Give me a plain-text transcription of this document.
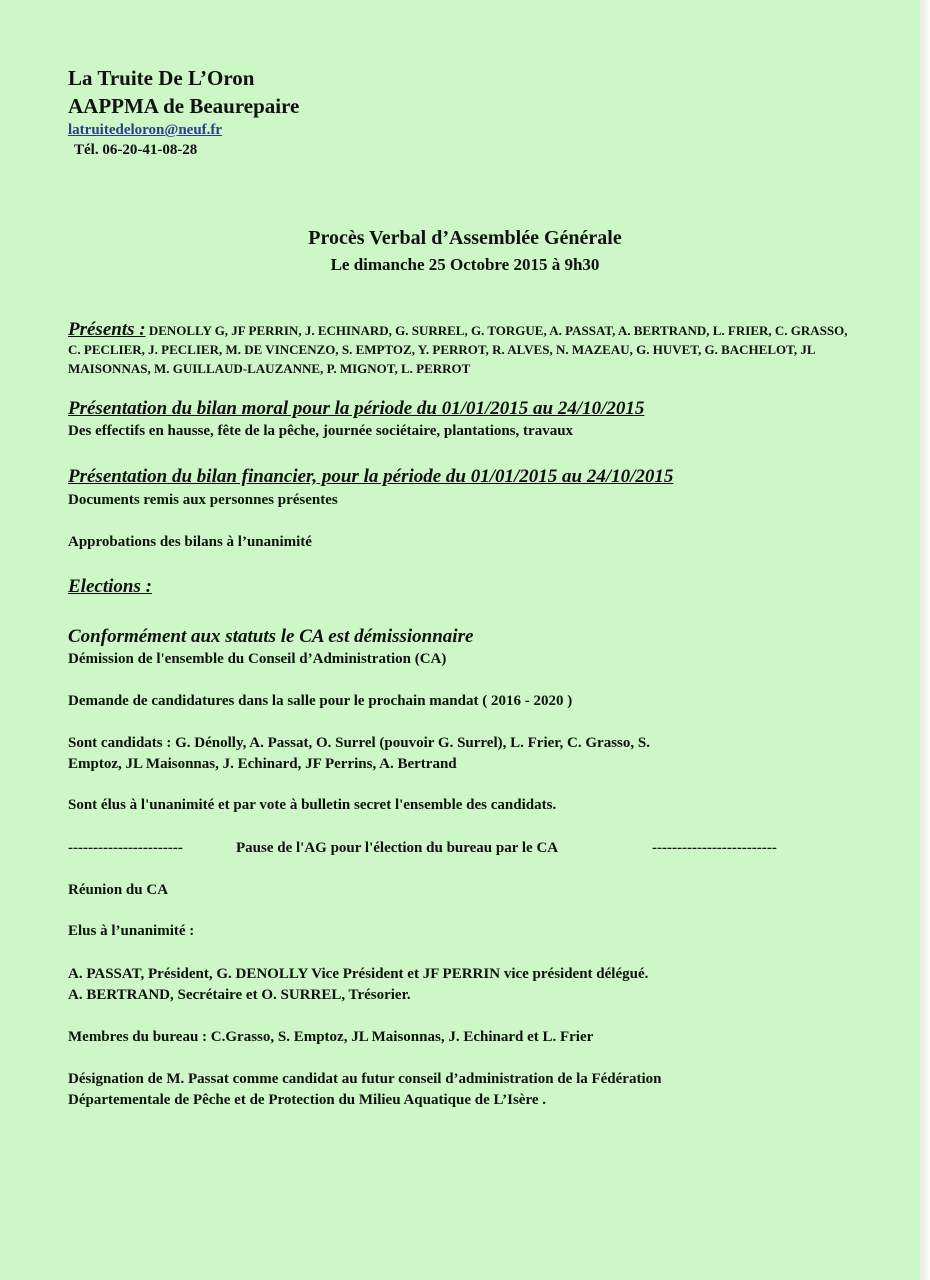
La Truite De L’Oron
AAPPMA de Beaurepaire
latruitedeloron@neuf.fr
Tél. 06-20-41-08-28
Procès Verbal d’Assemblée Générale
Le dimanche 25 Octobre 2015 à 9h30
Présents : DENOLLY G, JF PERRIN, J. ECHINARD, G. SURREL, G. TORGUE, A. PASSAT, A. BERTRAND, L. FRIER, C. GRASSO, C. PECLIER, J. PECLIER, M. DE VINCENZO, S. EMPTOZ, Y. PERROT, R. ALVES, N. MAZEAU, G. HUVET, G. BACHELOT, JL MAISONNAS, M. GUILLAUD-LAUZANNE, P. MIGNOT, L. PERROT
Présentation du bilan moral pour la période du 01/01/2015 au 24/10/2015
Des effectifs en hausse, fête de la pêche, journée sociétaire, plantations, travaux
Présentation du bilan financier, pour la période du 01/01/2015 au 24/10/2015
Documents remis aux personnes présentes
Approbations des bilans à l’unanimité
Elections :
Conformément aux statuts le CA est démissionnaire
Démission de l'ensemble du Conseil d’Administration (CA)
Demande de candidatures dans la salle pour le prochain mandat ( 2016 - 2020 )
Sont candidats : G. Dénolly, A. Passat, O. Surrel (pouvoir G. Surrel), L. Frier, C. Grasso, S.
Emptoz, JL Maisonnas, J. Echinard, JF Perrins, A. Bertrand
Sont élus à l'unanimité et par vote à bulletin secret l'ensemble des candidats.
-----------------------	Pause de l'AG pour l'élection du bureau par le CA	-------------------------
Réunion du CA
Elus à l’unanimité :
A. PASSAT, Président, G. DENOLLY Vice Président et JF PERRIN vice président délégué.
A. BERTRAND, Secrétaire et O. SURREL, Trésorier.
Membres du bureau : C.Grasso, S. Emptoz, JL Maisonnas, J. Echinard et L. Frier
Désignation de M. Passat comme candidat au futur conseil d’administration de la Fédération
Départementale de Pêche et de Protection du Milieu Aquatique de L’Isère .
